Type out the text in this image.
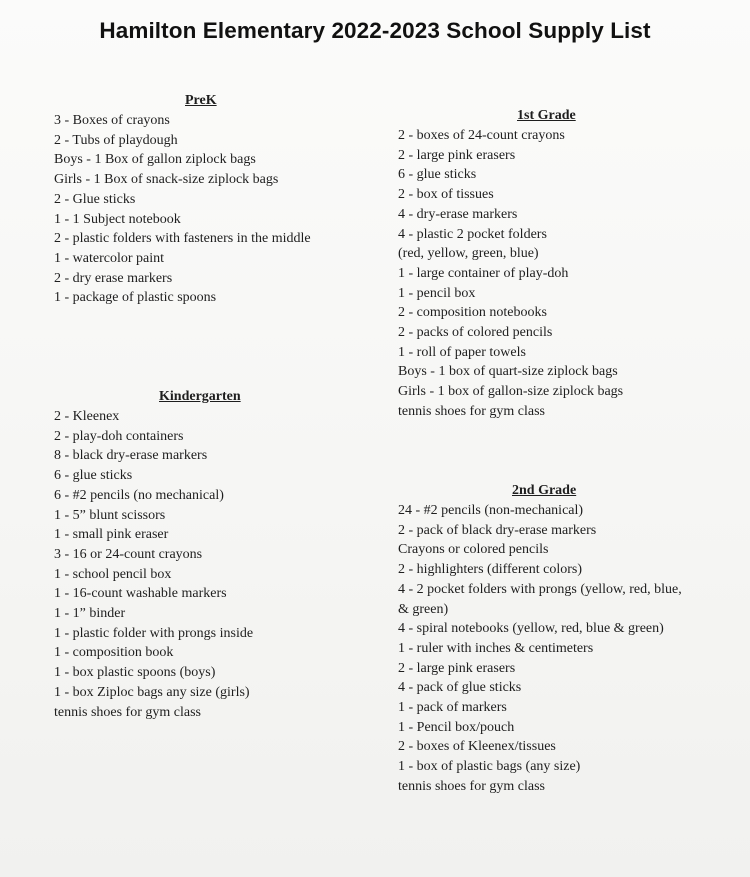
Hamilton Elementary 2022-2023 School Supply List
PreK
3 - Boxes of crayons
2 - Tubs of playdough
Boys - 1 Box of gallon ziplock bags
Girls - 1 Box of snack-size ziplock bags
2 - Glue sticks
1 - 1 Subject notebook
2 - plastic folders with fasteners in the middle
1 - watercolor paint
2 - dry erase markers
1 - package of plastic spoons
1st Grade
2 - boxes of 24-count crayons
2 - large pink erasers
6 - glue sticks
2 - box of tissues
4 - dry-erase markers
4 - plastic 2 pocket folders
(red, yellow, green, blue)
1 - large container of play-doh
1 - pencil box
2 - composition notebooks
2 - packs of colored pencils
1 - roll of paper towels
Boys - 1 box of quart-size ziplock bags
Girls - 1 box of gallon-size ziplock bags
tennis shoes for gym class
Kindergarten
2 - Kleenex
2 - play-doh containers
8 - black dry-erase markers
6 - glue sticks
6 - #2 pencils (no mechanical)
1 - 5” blunt scissors
1 - small pink eraser
3 - 16 or 24-count crayons
1 - school pencil box
1 - 16-count washable markers
1 - 1” binder
1 - plastic folder with prongs inside
1 - composition book
1 - box plastic spoons (boys)
1 - box Ziploc bags any size (girls)
tennis shoes for gym class
2nd Grade
24 - #2 pencils (non-mechanical)
2 - pack of black dry-erase markers
Crayons or colored pencils
2 - highlighters (different colors)
4 - 2 pocket folders with prongs (yellow, red, blue, & green)
4 - spiral notebooks (yellow, red, blue & green)
1 - ruler with inches & centimeters
2 - large pink erasers
4 - pack of glue sticks
1 - pack of markers
1 - Pencil box/pouch
2 - boxes of Kleenex/tissues
1 - box of plastic bags (any size)
tennis shoes for gym class
